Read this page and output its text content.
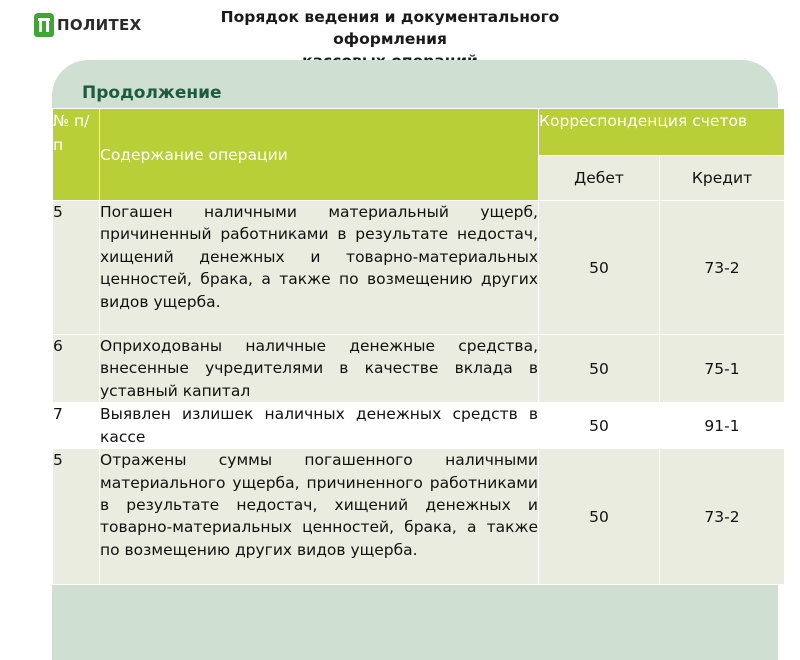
ПОЛИТЕХ	Порядок ведения и документального оформления
Продолжение
№ п/п	Содержание операции	Корреспонденция счетов	
		Дебет	Кредит
5	Погашен наличными материальный ущерб, причиненный работниками в результате недостач, хищений денежных и товарно-материальных ценностей, брака, а также по возмещению других видов ущерба.	50	73-2
6	Оприходованы наличные денежные средства, внесенные учредителями в качестве вклада в уставный капитал	50	75-1
7	Выявлен излишек наличных денежных средств в кассе	50	91-1
5	Отражены суммы погашенного наличными материального ущерба, причиненного работниками в результате недостач, хищений денежных и товарно-материальных ценностей, брака, а также по возмещению других видов ущерба.	50	73-2
